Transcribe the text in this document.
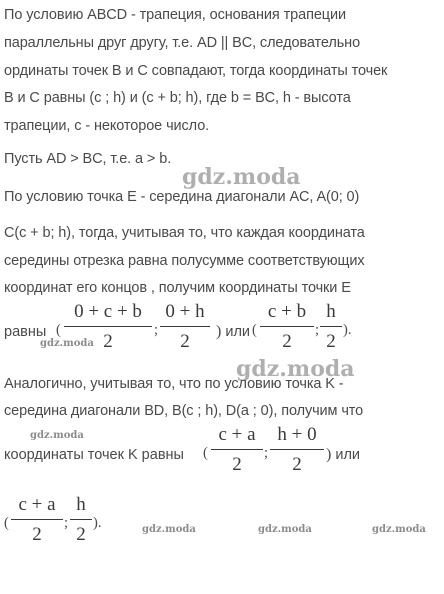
По условию ABCD - трапеция, основания трапеции
параллельны друг другу, т.е. AD || BC, следовательно
ординаты точек B и C совпадают, тогда координаты точек
B и C равны (c ; h) и (c + b; h), где b = BC, h - высота
трапеции, c - некоторое число.
Пусть AD > BC, т.е. a > b.
По условию точка E - середина диагонали AC, A(0; 0)
C(c + b; h), тогда, учитывая то, что каждая координата
середины отрезка равна полусумме соответствующих
координат его концов , получим координаты точки E
равны (
0 + c + b
2
;
0 + h
2	) или (
c + b
2
;
h
2
).
Аналогично, учитывая то, что по условию точка K -
середина диагонали BD, B(c ; h), D(a ; 0), получим что
координаты точек K равны (
c + a
2
;
h + 0
2	) или
(
c + a
2
;
h
2
).
gdz.moda
gdz.moda
gdz.moda
gdz.moda
gdz.moda	gdz.moda	gdz.moda
